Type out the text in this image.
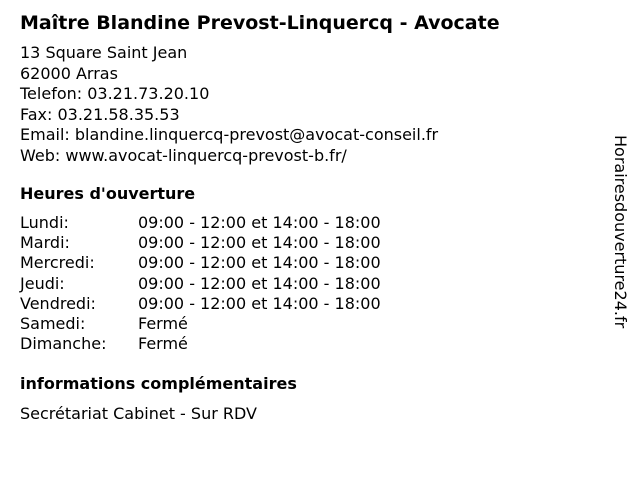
Maître Blandine Prevost-Linquercq - Avocate
13 Square Saint Jean
62000 Arras
Telefon: 03.21.73.20.10
Fax: 03.21.58.35.53
Email: blandine.linquercq-prevost@avocat-conseil.fr
Web: www.avocat-linquercq-prevost-b.fr/
Heures d'ouverture
Lundi:	09:00 - 12:00 et 14:00 - 18:00
Mardi:	09:00 - 12:00 et 14:00 - 18:00
Mercredi:	09:00 - 12:00 et 14:00 - 18:00
Jeudi:	09:00 - 12:00 et 14:00 - 18:00
Vendredi:	09:00 - 12:00 et 14:00 - 18:00
Samedi:	Fermé
Dimanche: Fermé
informations complémentaires
Secrétariat Cabinet - Sur RDV
Horairesdouverture24.fr
